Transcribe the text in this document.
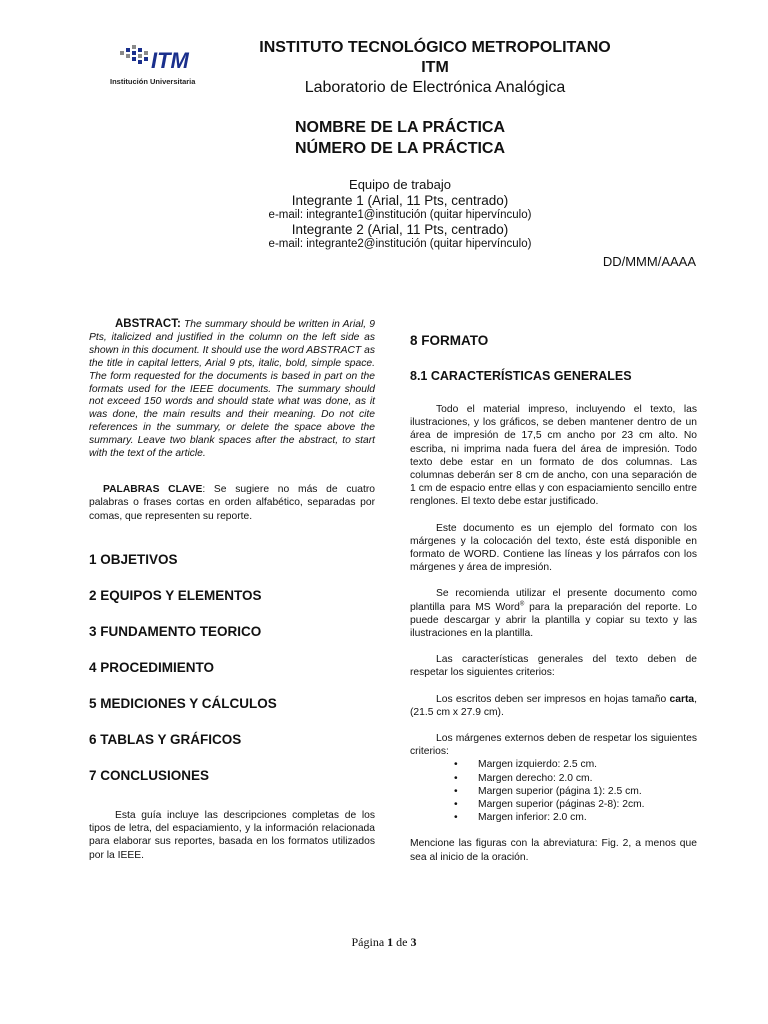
ITM
Institución Universitaria
INSTITUTO TECNOLÓGICO METROPOLITANO
ITM
Laboratorio de Electrónica Analógica
NOMBRE DE LA PRÁCTICA
NÚMERO DE LA PRÁCTICA
Equipo de trabajo
Integrante 1 (Arial, 11 Pts, centrado)
e-mail: integrante1@institución (quitar hipervínculo)
Integrante 2 (Arial, 11 Pts, centrado)
e-mail: integrante2@institución (quitar hipervínculo)
DD/MMM/AAAA

ABSTRACT: The summary should be written in Arial, 9 Pts, italicized and justified in the column on the left side as shown in this document. It should use the word ABSTRACT as the title in capital letters, Arial 9 pts, italic, bold, simple space. The form requested for the documents is based in part on the formats used for the IEEE documents. The summary should not exceed 150 words and should state what was done, as it was done, the main results and their meaning. Do not cite references in the summary, or delete the space above the summary. Leave two blank spaces after the abstract, to start with the text of the article.

PALABRAS CLAVE: Se sugiere no más de cuatro palabras o frases cortas en orden alfabético, separadas por comas, que representen su reporte.

1 OBJETIVOS
2 EQUIPOS Y ELEMENTOS
3 FUNDAMENTO TEORICO
4 PROCEDIMIENTO
5 MEDICIONES Y CÁLCULOS
6 TABLAS Y GRÁFICOS
7 CONCLUSIONES

Esta guía incluye las descripciones completas de los tipos de letra, del espaciamiento, y la información relacionada para elaborar sus reportes, basada en los formatos utilizados por la IEEE.

8 FORMATO
8.1 CARACTERÍSTICAS GENERALES

Todo el material impreso, incluyendo el texto, las ilustraciones, y los gráficos, se deben mantener dentro de un área de impresión de 17,5 cm ancho por 23 cm alto. No escriba, ni imprima nada fuera del área de impresión. Todo texto debe estar en un formato de dos columnas. Las columnas deberán ser 8 cm de ancho, con una separación de 1 cm de espacio entre ellas y con espaciamiento sencillo entre renglones. El texto debe estar justificado.

Este documento es un ejemplo del formato con los márgenes y la colocación del texto, éste está disponible en formato de WORD. Contiene las líneas y los párrafos con los márgenes y área de impresión.

Se recomienda utilizar el presente documento como plantilla para MS Word® para la preparación del reporte. Lo puede descargar y abrir la plantilla y copiar su texto y las ilustraciones en la plantilla.

Las características generales del texto deben de respetar los siguientes criterios:

Los escritos deben ser impresos en hojas tamaño carta, (21.5 cm x 27.9 cm).

Los márgenes externos deben de respetar los siguientes criterios:

• Margen izquierdo: 2.5 cm.
• Margen derecho: 2.0 cm.
• Margen superior (página 1): 2.5 cm.
• Margen superior (páginas 2-8): 2cm.
• Margen inferior: 2.0 cm.

Mencione las figuras con la abreviatura: Fig. 2, a menos que sea al inicio de la oración.

Página 1 de 3
